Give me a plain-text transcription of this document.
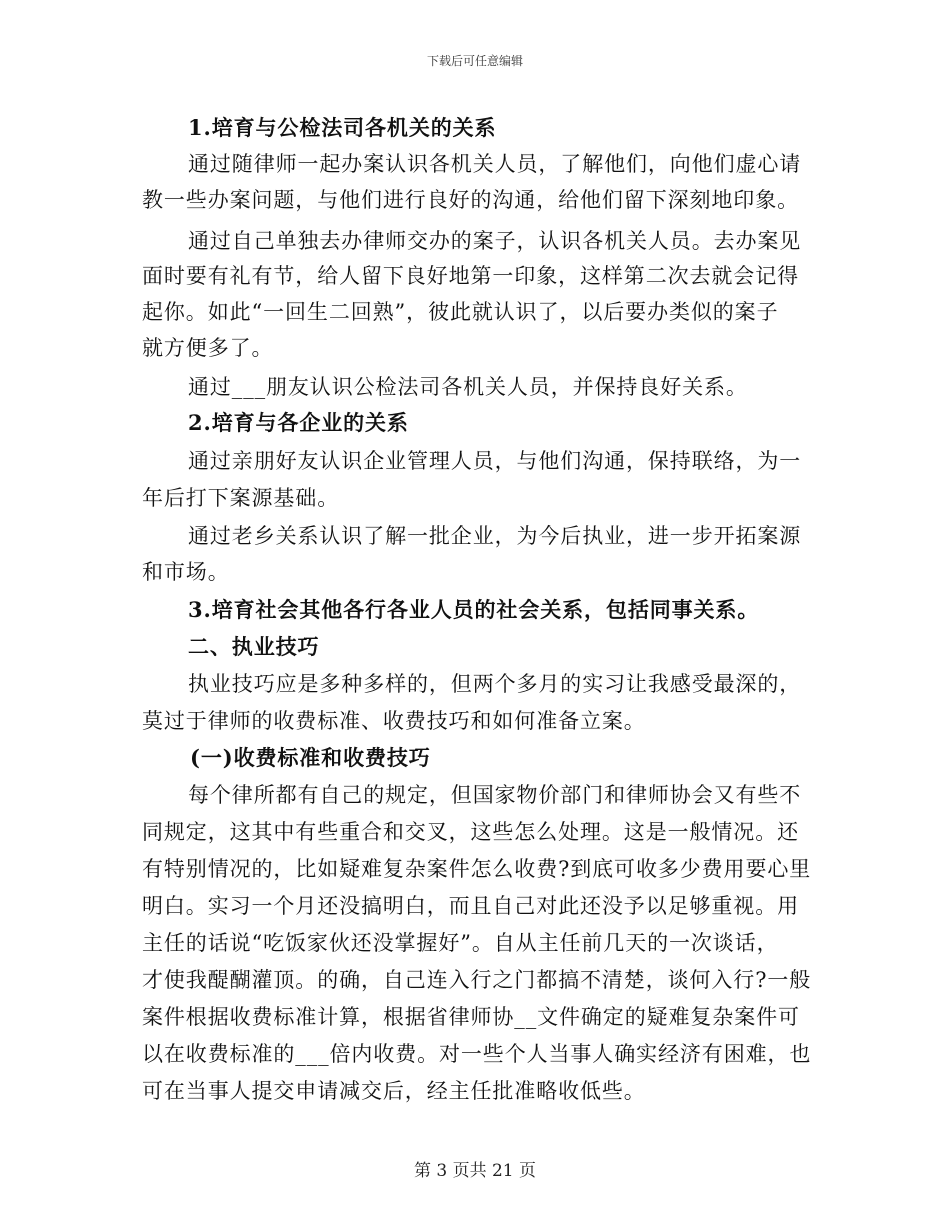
下载后可任意编辑
1.培育与公检法司各机关的关系
通过随律师一起办案认识各机关人员，了解他们，向他们虚心请
教一些办案问题，与他们进行良好的沟通，给他们留下深刻地印象。
通过自己单独去办律师交办的案子，认识各机关人员。去办案见
面时要有礼有节，给人留下良好地第一印象，这样第二次去就会记得
起你。如此“一回生二回熟”，彼此就认识了，以后要办类似的案子
就方便多了。
通过___朋友认识公检法司各机关人员，并保持良好关系。
2.培育与各企业的关系
通过亲朋好友认识企业管理人员，与他们沟通，保持联络，为一
年后打下案源基础。
通过老乡关系认识了解一批企业，为今后执业，进一步开拓案源
和市场。
3.培育社会其他各行各业人员的社会关系，包括同事关系。
二、执业技巧
执业技巧应是多种多样的，但两个多月的实习让我感受最深的，
莫过于律师的收费标准、收费技巧和如何准备立案。
(一)收费标准和收费技巧
每个律所都有自己的规定，但国家物价部门和律师协会又有些不
同规定，这其中有些重合和交叉，这些怎么处理。这是一般情况。还
有特别情况的，比如疑难复杂案件怎么收费?到底可收多少费用要心里
明白。实习一个月还没搞明白，而且自己对此还没予以足够重视。用
主任的话说“吃饭家伙还没掌握好”。自从主任前几天的一次谈话，
才使我醍醐灌顶。的确，自己连入行之门都搞不清楚，谈何入行?一般
案件根据收费标准计算，根据省律师协__文件确定的疑难复杂案件可
以在收费标准的___倍内收费。对一些个人当事人确实经济有困难，也
可在当事人提交申请减交后，经主任批准略收低些。
第 3 页共 21 页
